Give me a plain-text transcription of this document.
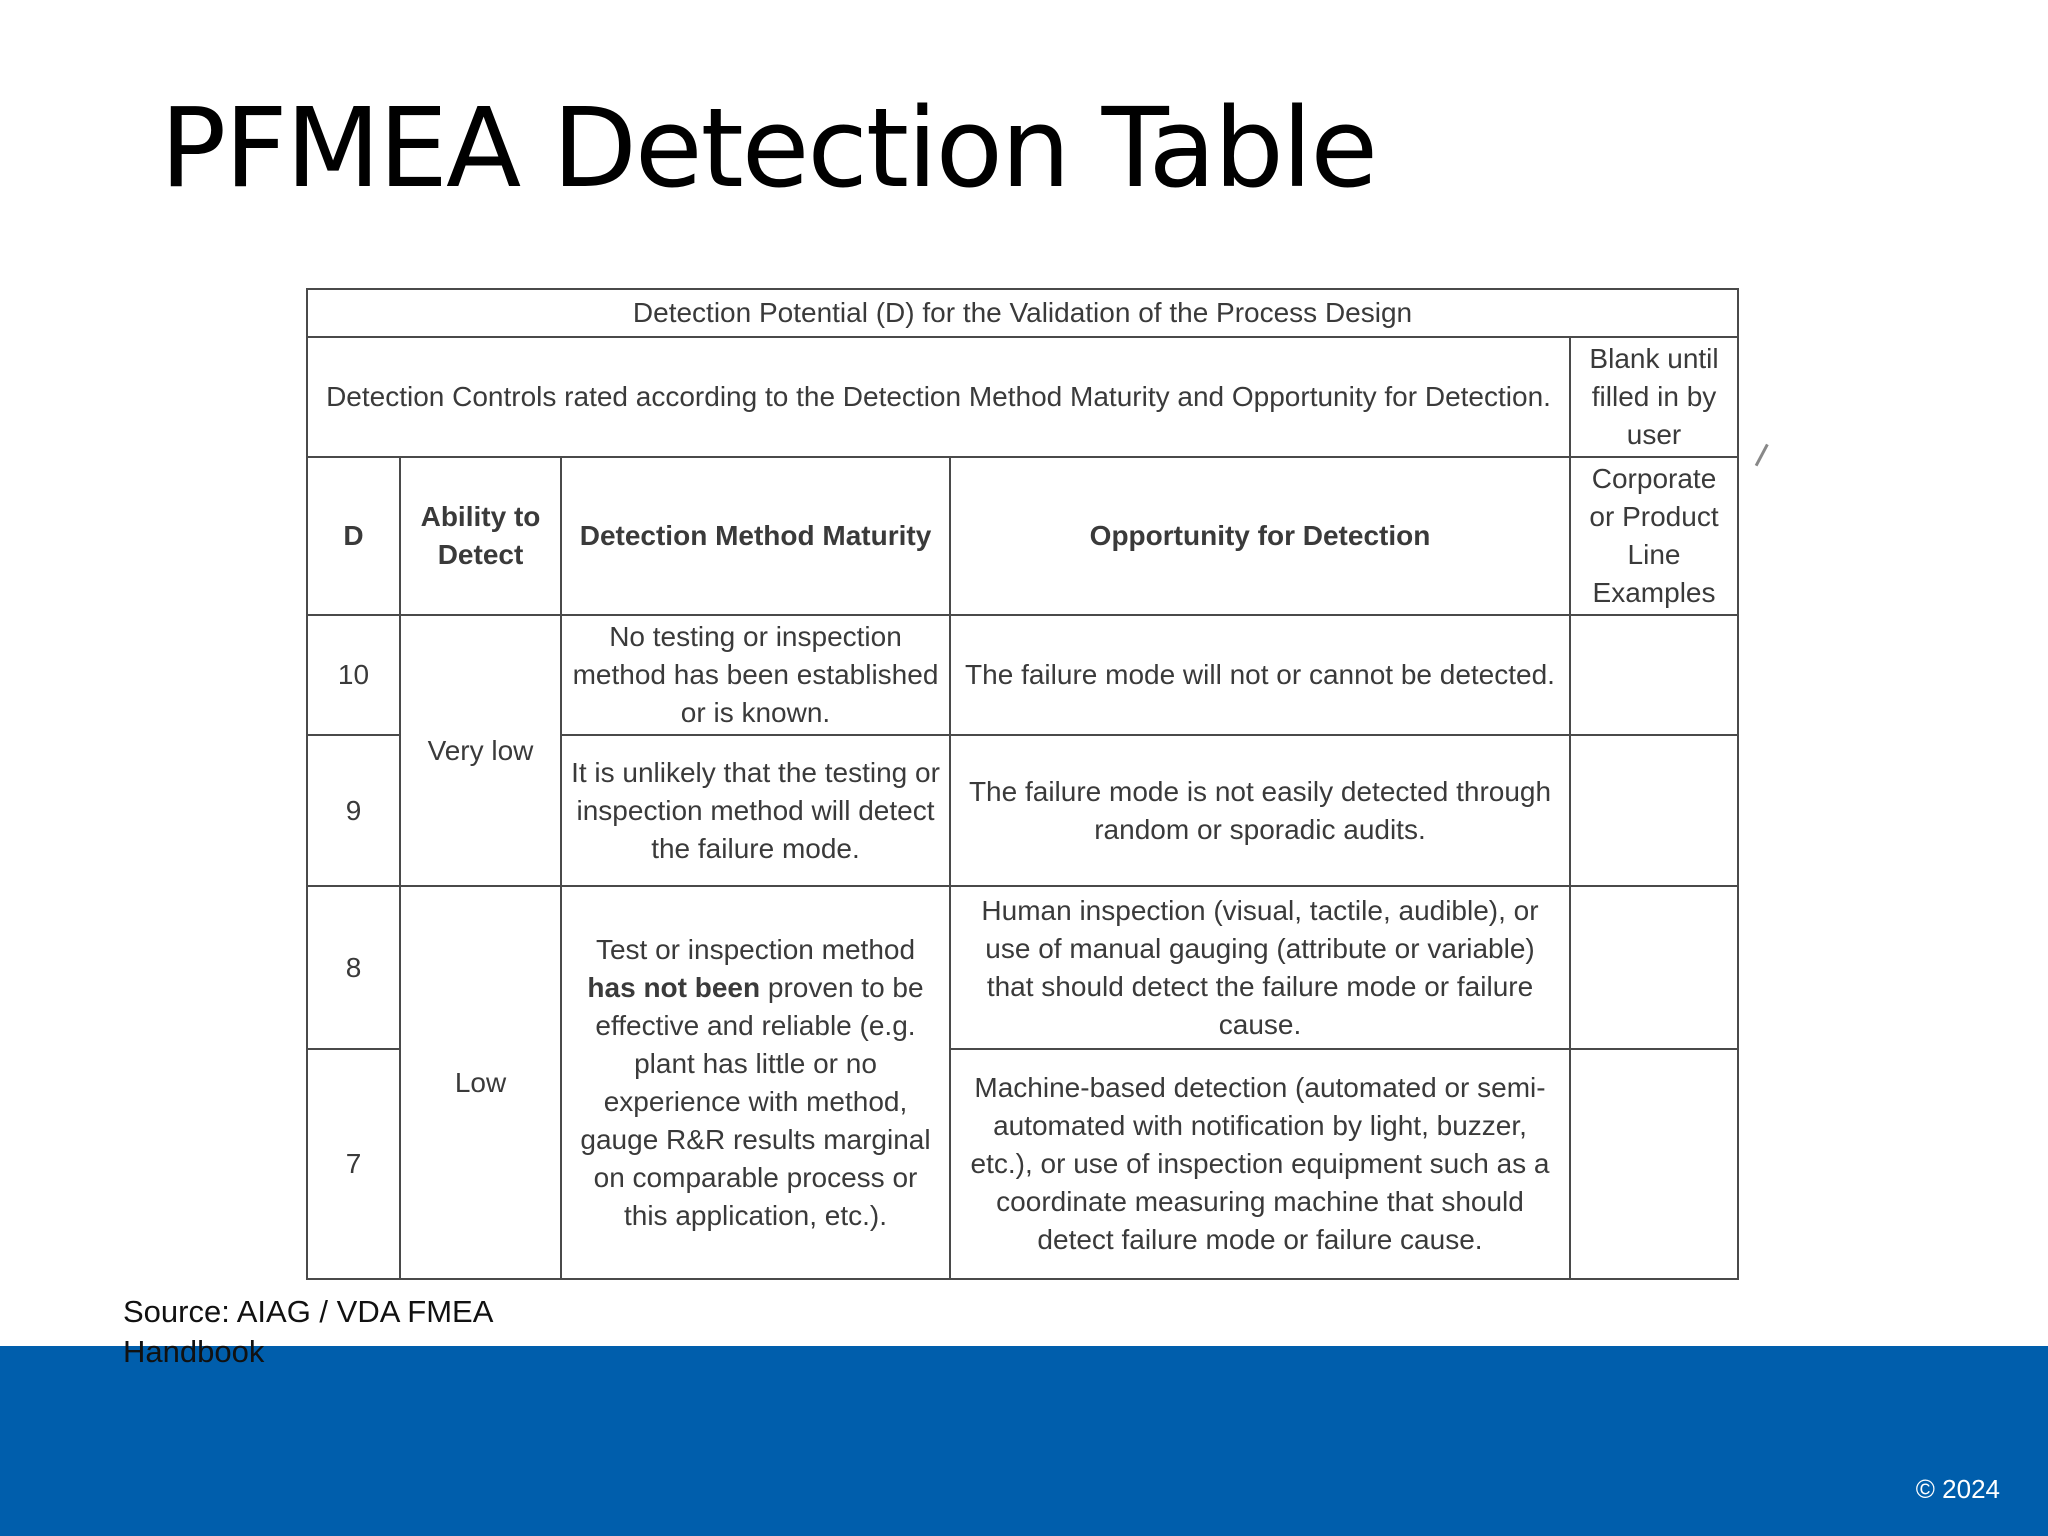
PFMEA Detection Table
Detection Potential (D) for the Validation of the Process Design				
Detection Controls rated according to the Detection Method Maturity and Opportunity for Detection.				Blank until filled in by user
D	Ability to Detect	Detection Method Maturity	Opportunity for Detection	Corporate or Product Line Examples
10	Very low	No testing or inspection method has been established or is known.	The failure mode will not or cannot be detected.	
9		It is unlikely that the testing or inspection method will detect the failure mode.	The failure mode is not easily detected through random or sporadic audits.	
8	Low	Test or inspection method has not been proven to be effective and reliable (e.g. plant has little or no experience with method, gauge R&R results marginal on comparable process or this application, etc.).	Human inspection (visual, tactile, audible), or use of manual gauging (attribute or variable) that should detect the failure mode or failure cause.	
7			Machine-based detection (automated or semi-automated with notification by light, buzzer, etc.), or use of inspection equipment such as a coordinate measuring machine that should detect failure mode or failure cause.	
Source: AIAG / VDA FMEA Handbook
© 2024
